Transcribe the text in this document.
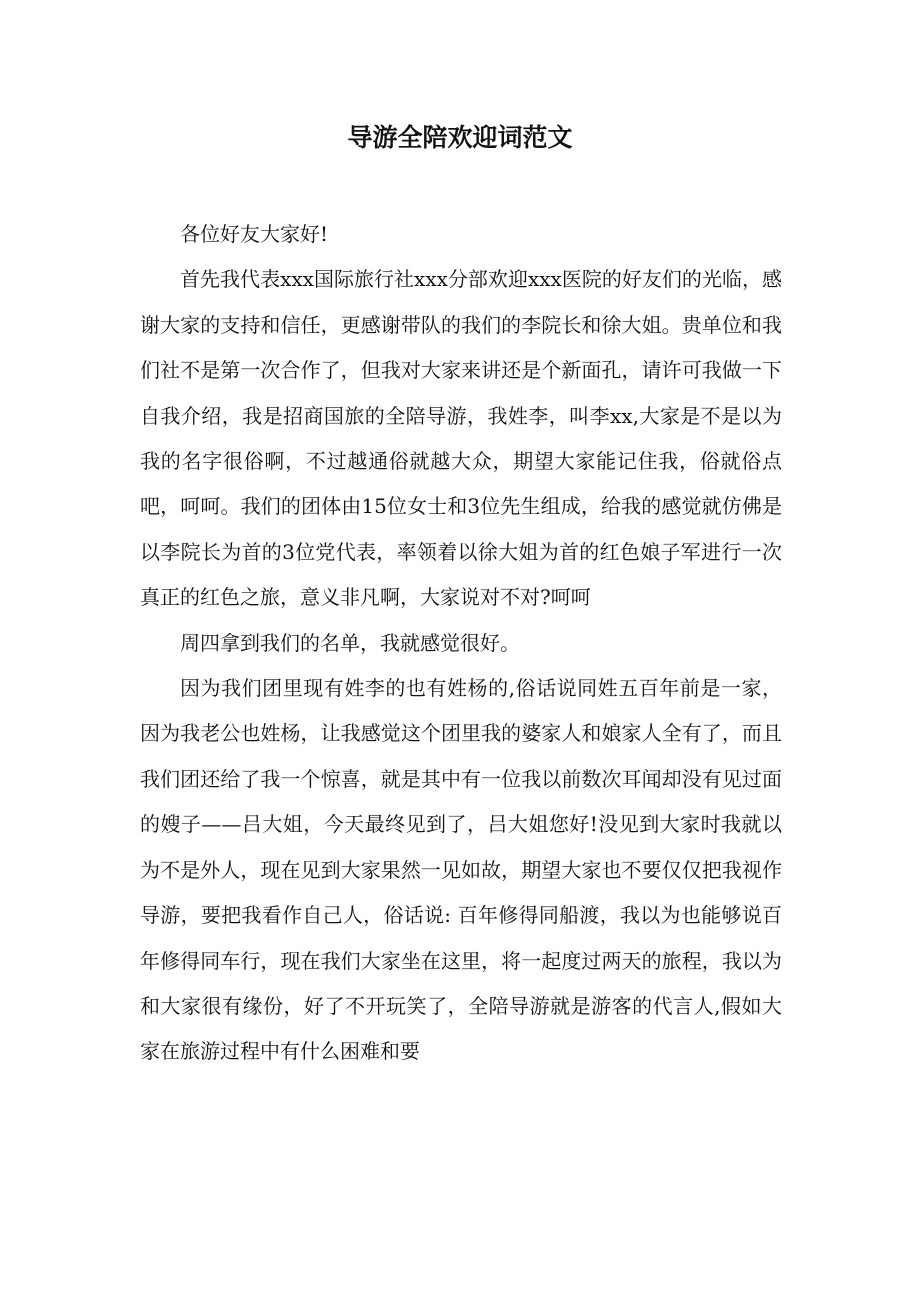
导游全陪欢迎词范文

各位好友大家好!

首先我代表xxx国际旅行社xxx分部欢迎xxx医院的好友们的光临，感谢大家的支持和信任，更感谢带队的我们的李院长和徐大姐。贵单位和我们社不是第一次合作了，但我对大家来讲还是个新面孔，请许可我做一下自我介绍，我是招商国旅的全陪导游，我姓李，叫李xx,大家是不是以为我的名字很俗啊，不过越通俗就越大众，期望大家能记住我，俗就俗点吧，呵呵。我们的团体由15位女士和3位先生组成，给我的感觉就仿佛是以李院长为首的3位党代表，率领着以徐大姐为首的红色娘子军进行一次真正的红色之旅，意义非凡啊，大家说对不对?呵呵

周四拿到我们的名单，我就感觉很好。

因为我们团里现有姓李的也有姓杨的,俗话说同姓五百年前是一家，因为我老公也姓杨，让我感觉这个团里我的婆家人和娘家人全有了，而且我们团还给了我一个惊喜，就是其中有一位我以前数次耳闻却没有见过面的嫂子——吕大姐，今天最终见到了，吕大姐您好!没见到大家时我就以为不是外人，现在见到大家果然一见如故，期望大家也不要仅仅把我视作导游，要把我看作自己人，俗话说: 百年修得同船渡，我以为也能够说百年修得同车行，现在我们大家坐在这里，将一起度过两天的旅程，我以为和大家很有缘份，好了不开玩笑了，全陪导游就是游客的代言人,假如大家在旅游过程中有什么困难和要
